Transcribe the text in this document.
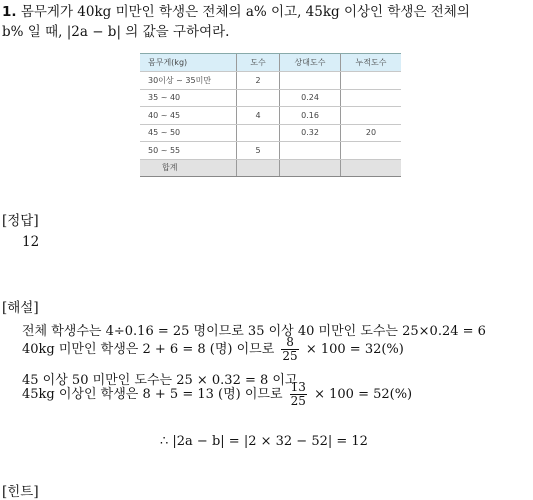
1. 몸무게가 40kg 미만인 학생은 전체의 a% 이고, 45kg 이상인 학생은 전체의
b% 일 때, |2a − b| 의 값을 구하여라.
몸무게(kg)	도수	상대도수	누적도수
30이상 ~ 35미만	2		
35 ~ 40		0.24	
40 ~ 45	4	0.16	
45 ~ 50		0.32	20
50 ~ 55	5		
합계			
[정답]
12
[해설]
전체 학생수는 4÷0.16 = 25 명이므로 35 이상 40 미만인 도수는 25×0.24 = 6
40kg 미만인 학생은 2 + 6 = 8 (명) 이므로 $\frac{8}{25} \times 100 = 32(\%)$
45 이상 50 미만인 도수는 25 × 0.32 = 8 이고
45kg 이상인 학생은 8 + 5 = 13 (명) 이므로 $\frac{13}{25} \times 100 = 52(\%)$
∴ |2a − b| = |2 × 32 − 52| = 12
[힌트]
